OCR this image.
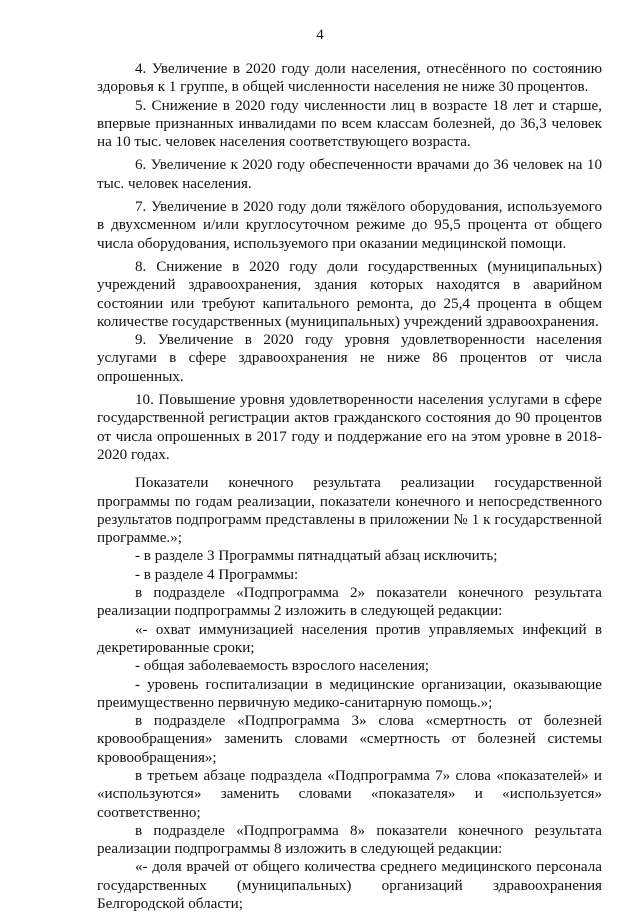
4

4. Увеличение в 2020 году доли населения, отнесённого по состоянию здоровья к 1 группе, в общей численности населения не ниже 30 процентов.

5. Снижение в 2020 году численности лиц в возрасте 18 лет и старше, впервые признанных инвалидами по всем классам болезней, до 36,3 человек на 10 тыс. человек населения соответствующего возраста.

6. Увеличение к 2020 году обеспеченности врачами до 36 человек на 10 тыс. человек населения.

7. Увеличение в 2020 году доли тяжёлого оборудования, используемого в двухсменном и/или круглосуточном режиме до 95,5 процента от общего числа оборудования, используемого при оказании медицинской помощи.

8. Снижение в 2020 году доли государственных (муниципальных) учреждений здравоохранения, здания которых находятся в аварийном состоянии или требуют капитального ремонта, до 25,4 процента в общем количестве государственных (муниципальных) учреждений здравоохранения.

9. Увеличение в 2020 году уровня удовлетворенности населения услугами в сфере здравоохранения не ниже 86 процентов от числа опрошенных.

10. Повышение уровня удовлетворенности населения услугами в сфере государственной регистрации актов гражданского состояния до 90 процентов от числа опрошенных в 2017 году и поддержание его на этом уровне в 2018-2020 годах.

Показатели конечного результата реализации государственной программы по годам реализации, показатели конечного и непосредственного результатов подпрограмм представлены в приложении № 1 к государственной программе.»;

- в разделе 3 Программы пятнадцатый абзац исключить;

- в разделе 4 Программы:

в подразделе «Подпрограмма 2» показатели конечного результата реализации подпрограммы 2 изложить в следующей редакции:

«- охват иммунизацией населения против управляемых инфекций в декретированные сроки;

- общая заболеваемость взрослого населения;

- уровень госпитализации в медицинские организации, оказывающие преимущественно первичную медико-санитарную помощь.»;

в подразделе «Подпрограмма 3» слова «смертность от болезней кровообращения» заменить словами «смертность от болезней системы кровообращения»;

в третьем абзаце подраздела «Подпрограмма 7» слова «показателей» и «используются» заменить словами «показателя» и «используется» соответственно;

в подразделе «Подпрограмма 8» показатели конечного результата реализации подпрограммы 8 изложить в следующей редакции:

«- доля врачей от общего количества среднего медицинского персонала государственных (муниципальных) организаций здравоохранения Белгородской области;
